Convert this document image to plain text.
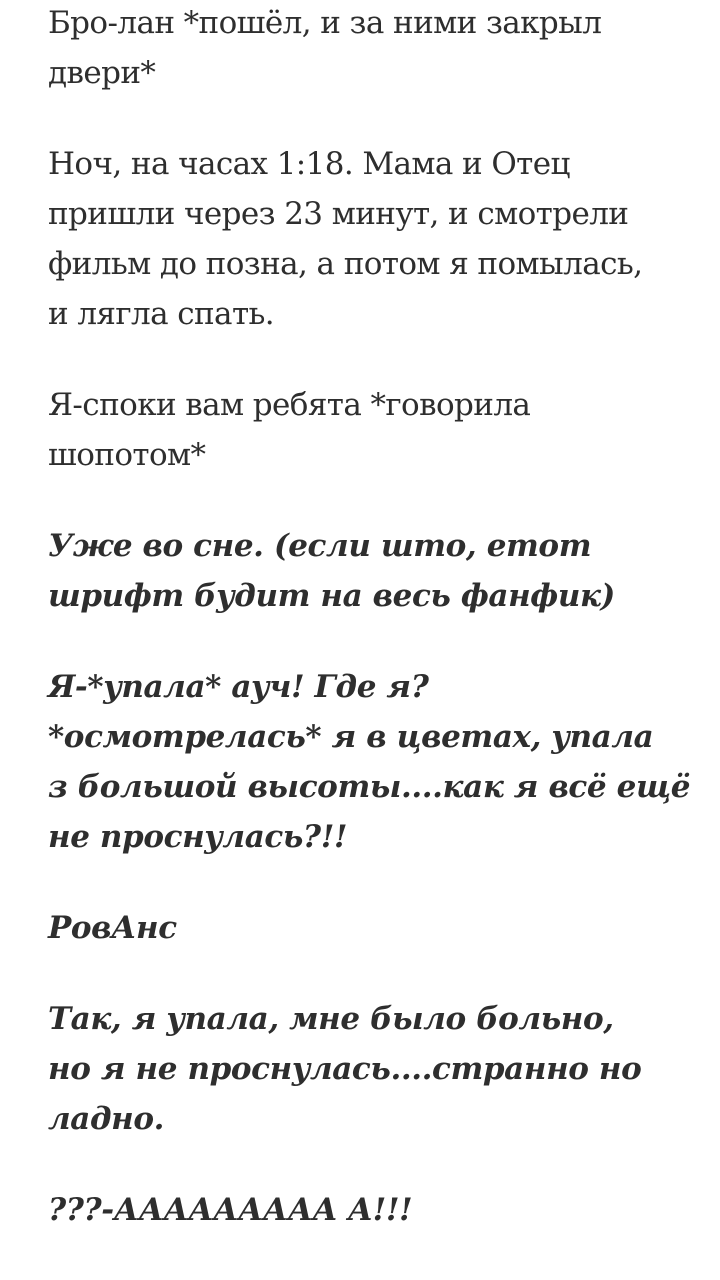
Бро-лан *пошёл, и за ними закрыл
двери*

Ноч, на часах 1:18. Мама и Отец
пришли через 23 минут, и смотрели
фильм до позна, а потом я помылась,
и лягла спать.

Я-споки вам ребята *говорила
шопотом*

Уже во сне. (если што, етот
шрифт будит на весь фанфик)

Я-*упала* ауч! Где я?
*осмотрелась* я в цветах, упала
з большой высоты....как я всё ещё
не проснулась?!!

РовАнс

Так, я упала, мне было больно,
но я не проснулась....странно но
ладно.

???-ААААААААА А!!!
